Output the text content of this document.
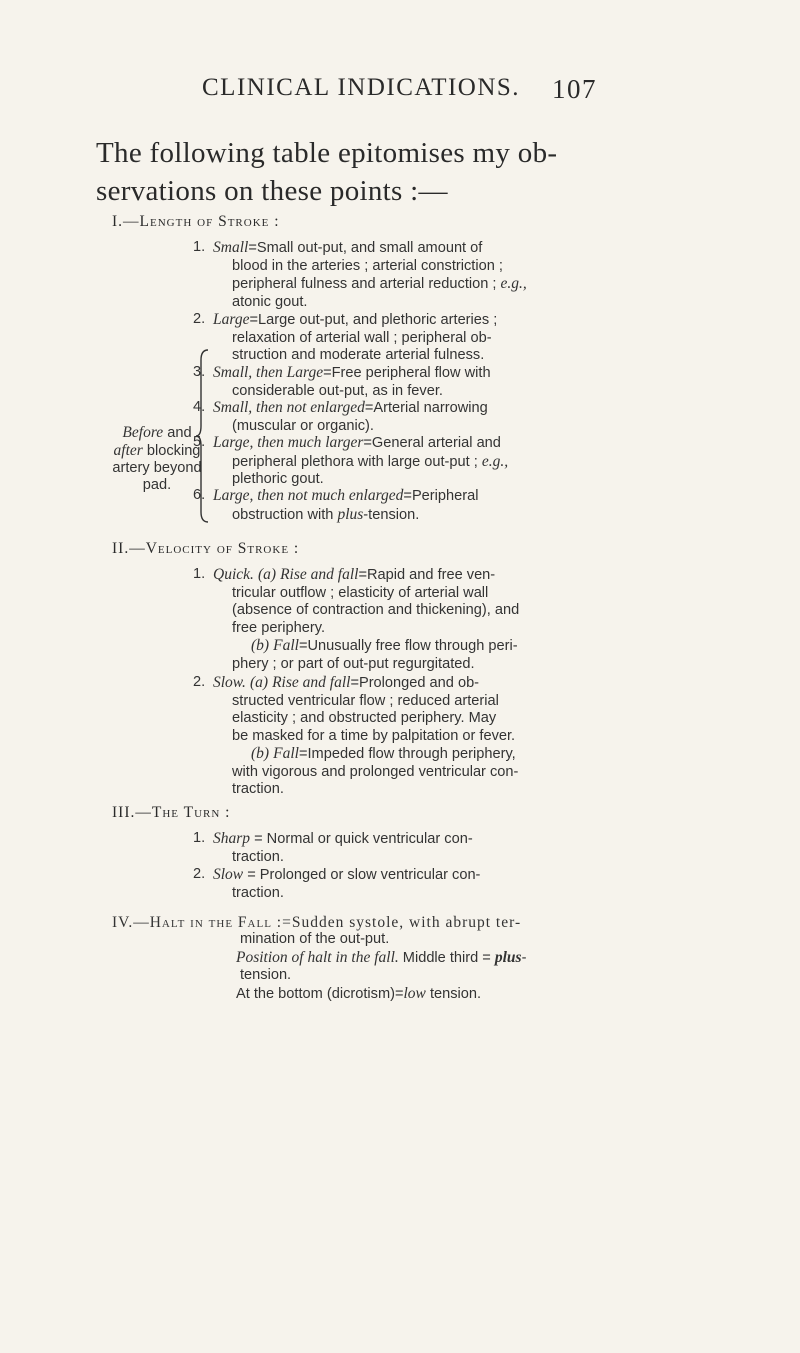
CLINICAL INDICATIONS. 107
The following table epitomises my ob-
servations on these points :—
I.—Length of Stroke :
1. Small=Small out-put, and small amount of
blood in the arteries ; arterial constriction ;
peripheral fulness and arterial reduction ; e.g.,
atonic gout.
2. Large=Large out-put, and plethoric arteries ;
relaxation of arterial wall ; peripheral ob-
struction and moderate arterial fulness.
3. Small, then Large=Free peripheral flow with
considerable out-put, as in fever.
4. Small, then not enlarged=Arterial narrowing
(muscular or organic).
5. Large, then much larger=General arterial and
peripheral plethora with large out-put ; e.g.,
plethoric gout.
6. Large, then not much enlarged=Peripheral
obstruction with plus-tension.
Before and
after blocking
artery beyond
pad.
II.—Velocity of Stroke :
1. Quick. (a) Rise and fall=Rapid and free ven-
tricular outflow ; elasticity of arterial wall
(absence of contraction and thickening), and
free periphery.
(b) Fall=Unusually free flow through peri-
phery ; or part of out-put regurgitated.
2. Slow. (a) Rise and fall=Prolonged and ob-
structed ventricular flow ; reduced arterial
elasticity ; and obstructed periphery. May
be masked for a time by palpitation or fever.
(b) Fall=Impeded flow through periphery,
with vigorous and prolonged ventricular con-
traction.
III.—The Turn :
1. Sharp = Normal or quick ventricular con-
traction.
2. Slow = Prolonged or slow ventricular con-
traction.
IV.—Halt in the Fall :=Sudden systole, with abrupt ter-
mination of the out-put.
Position of halt in the fall. Middle third = plus-
tension.
At the bottom (dicrotism)=low tension.
